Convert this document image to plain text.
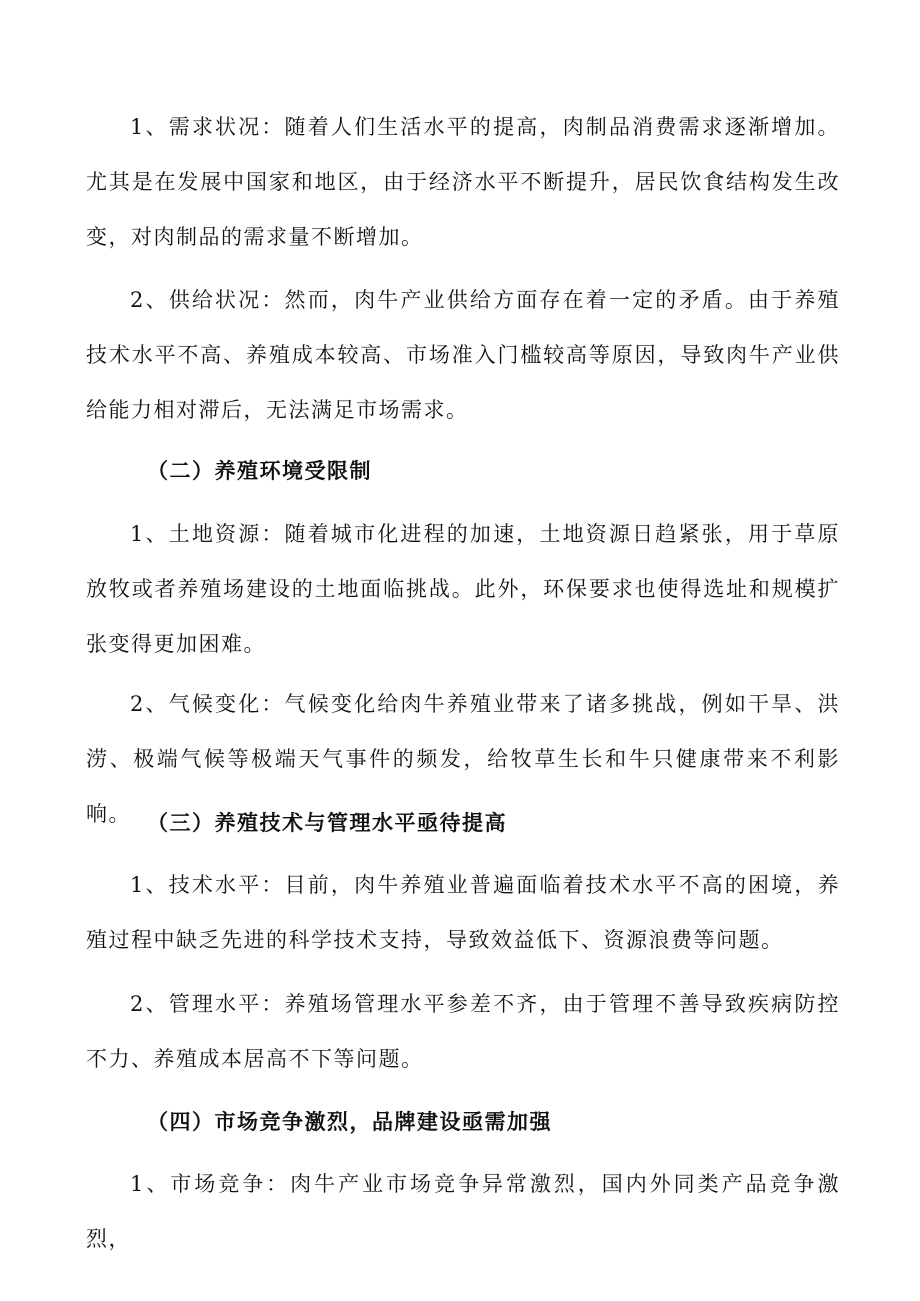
1、需求状况：随着人们生活水平的提高，肉制品消费需求逐渐增加。尤其是在发展中国家和地区，由于经济水平不断提升，居民饮食结构发生改变，对肉制品的需求量不断增加。

2、供给状况：然而，肉牛产业供给方面存在着一定的矛盾。由于养殖技术水平不高、养殖成本较高、市场准入门槛较高等原因，导致肉牛产业供给能力相对滞后，无法满足市场需求。

（二）养殖环境受限制

1、土地资源：随着城市化进程的加速，土地资源日趋紧张，用于草原放牧或者养殖场建设的土地面临挑战。此外，环保要求也使得选址和规模扩张变得更加困难。

2、气候变化：气候变化给肉牛养殖业带来了诸多挑战，例如干旱、洪涝、极端气候等极端天气事件的频发，给牧草生长和牛只健康带来不利影响。 （三）养殖技术与管理水平亟待提高

1、技术水平：目前，肉牛养殖业普遍面临着技术水平不高的困境，养殖过程中缺乏先进的科学技术支持，导致效益低下、资源浪费等问题。

2、管理水平：养殖场管理水平参差不齐，由于管理不善导致疾病防控不力、养殖成本居高不下等问题。

（四）市场竞争激烈，品牌建设亟需加强

1、市场竞争：肉牛产业市场竞争异常激烈，国内外同类产品竞争激烈，
